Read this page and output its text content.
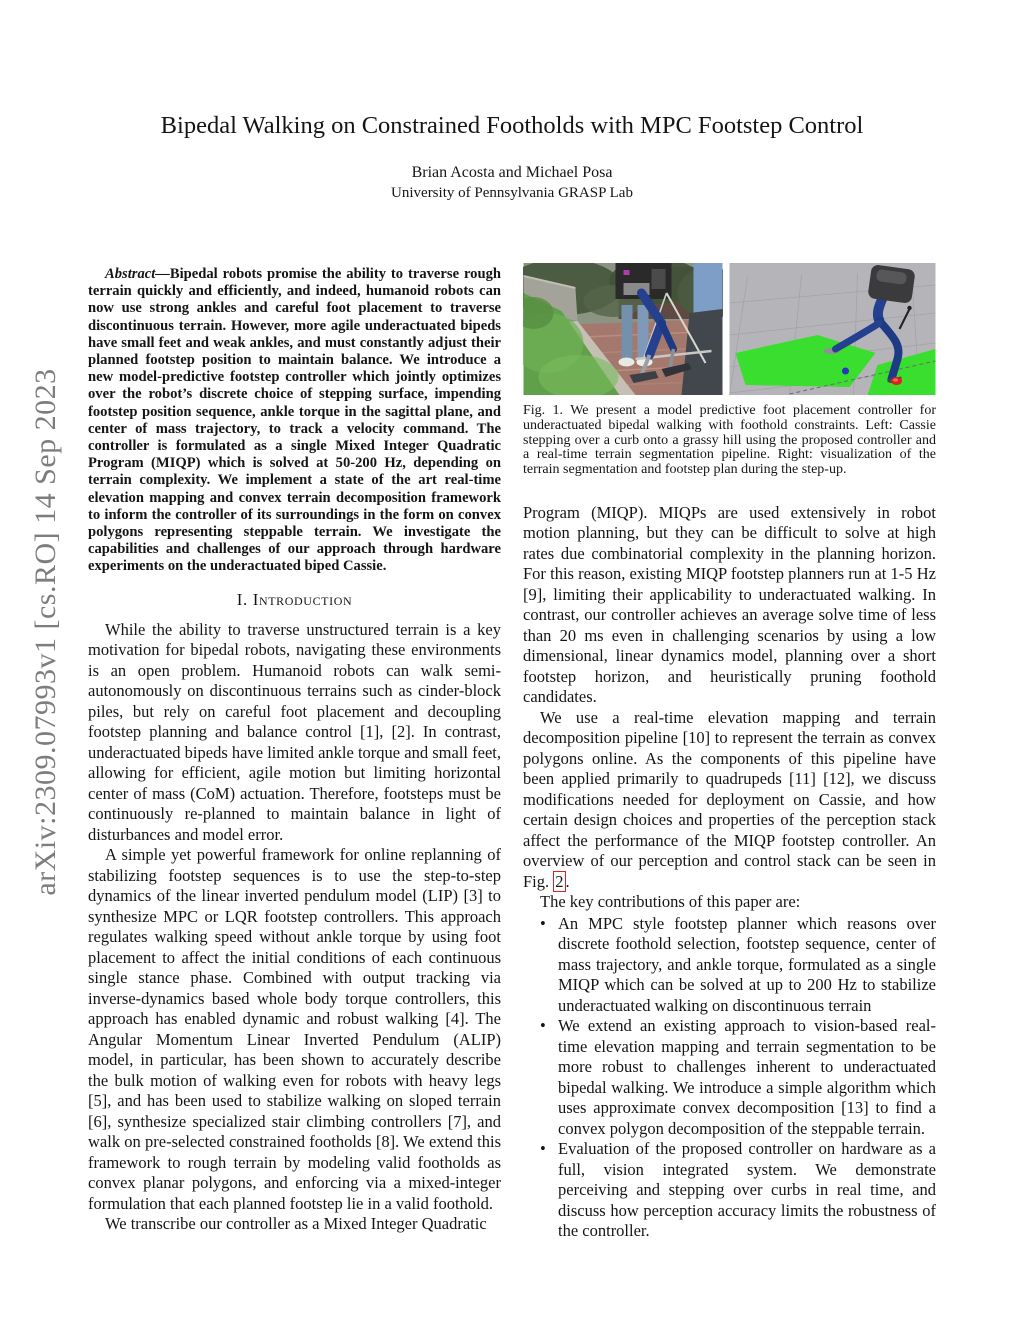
arXiv:2309.07993v1 [cs.RO] 14 Sep 2023
Bipedal Walking on Constrained Footholds with MPC Footstep Control
Brian Acosta and Michael Posa
University of Pennsylvania GRASP Lab

Abstract—Bipedal robots promise the ability to traverse rough terrain quickly and efficiently, and indeed, humanoid robots can now use strong ankles and careful foot placement to traverse discontinuous terrain. However, more agile underactuated bipeds have small feet and weak ankles, and must constantly adjust their planned footstep position to maintain balance. We introduce a new model-predictive footstep controller which jointly optimizes over the robot’s discrete choice of stepping surface, impending footstep position sequence, ankle torque in the sagittal plane, and center of mass trajectory, to track a velocity command. The controller is formulated as a single Mixed Integer Quadratic Program (MIQP) which is solved at 50-200 Hz, depending on terrain complexity. We implement a state of the art real-time elevation mapping and convex terrain decomposition framework to inform the controller of its surroundings in the form on convex polygons representing steppable terrain. We investigate the capabilities and challenges of our approach through hardware experiments on the underactuated biped Cassie.

I. Introduction

While the ability to traverse unstructured terrain is a key motivation for bipedal robots, navigating these environments is an open problem. Humanoid robots can walk semi-autonomously on discontinuous terrains such as cinder-block piles, but rely on careful foot placement and decoupling footstep planning and balance control [1], [2]. In contrast, underactuated bipeds have limited ankle torque and small feet, allowing for efficient, agile motion but limiting horizontal center of mass (CoM) actuation. Therefore, footsteps must be continuously re-planned to maintain balance in light of disturbances and model error.

A simple yet powerful framework for online replanning of stabilizing footstep sequences is to use the step-to-step dynamics of the linear inverted pendulum model (LIP) [3] to synthesize MPC or LQR footstep controllers. This approach regulates walking speed without ankle torque by using foot placement to affect the initial conditions of each continuous single stance phase. Combined with output tracking via inverse-dynamics based whole body torque controllers, this approach has enabled dynamic and robust walking [4]. The Angular Momentum Linear Inverted Pendulum (ALIP) model, in particular, has been shown to accurately describe the bulk motion of walking even for robots with heavy legs [5], and has been used to stabilize walking on sloped terrain [6], synthesize specialized stair climbing controllers [7], and walk on pre-selected constrained footholds [8]. We extend this framework to rough terrain by modeling valid footholds as convex planar polygons, and enforcing via a mixed-integer formulation that each planned footstep lie in a valid foothold.

We transcribe our controller as a Mixed Integer Quadratic

Fig. 1. We present a model predictive foot placement controller for underactuated bipedal walking with foothold constraints. Left: Cassie stepping over a curb onto a grassy hill using the proposed controller and a real-time terrain segmentation pipeline. Right: visualization of the terrain segmentation and footstep plan during the step-up.

Program (MIQP). MIQPs are used extensively in robot motion planning, but they can be difficult to solve at high rates due combinatorial complexity in the planning horizon. For this reason, existing MIQP footstep planners run at 1-5 Hz [9], limiting their applicability to underactuated walking. In contrast, our controller achieves an average solve time of less than 20 ms even in challenging scenarios by using a low dimensional, linear dynamics model, planning over a short footstep horizon, and heuristically pruning foothold candidates.

We use a real-time elevation mapping and terrain decomposition pipeline [10] to represent the terrain as convex polygons online. As the components of this pipeline have been applied primarily to quadrupeds [11] [12], we discuss modifications needed for deployment on Cassie, and how certain design choices and properties of the perception stack affect the performance of the MIQP footstep controller. An overview of our perception and control stack can be seen in Fig. 2 .

The key contributions of this paper are:

• An MPC style footstep planner which reasons over discrete foothold selection, footstep sequence, center of mass trajectory, and ankle torque, formulated as a single MIQP which can be solved at up to 200 Hz to stabilize underactuated walking on discontinuous terrain
• We extend an existing approach to vision-based real-time elevation mapping and terrain segmentation to be more robust to challenges inherent to underactuated bipedal walking. We introduce a simple algorithm which uses approximate convex decomposition [13] to find a convex polygon decomposition of the steppable terrain.
• Evaluation of the proposed controller on hardware as a full, vision integrated system. We demonstrate perceiving and stepping over curbs in real time, and discuss how perception accuracy limits the robustness of the controller.
